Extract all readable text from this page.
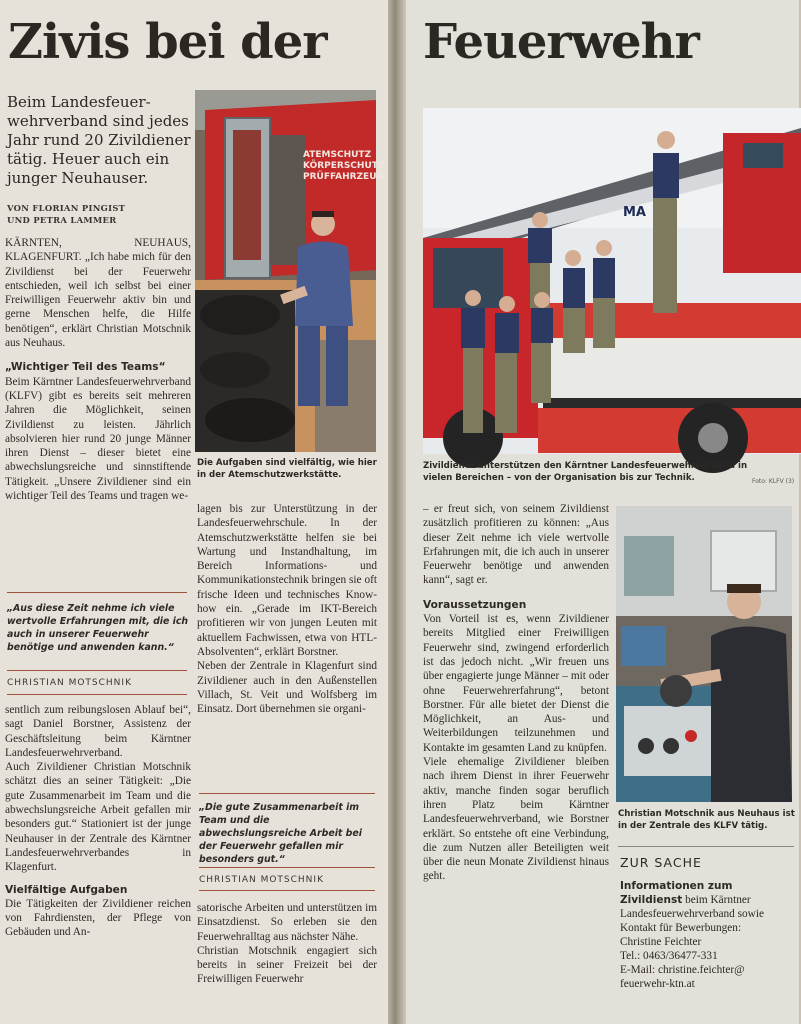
Zivis bei der
Beim Landesfeuerwehrverband sind jedes Jahr rund 20 Zivildiener tätig. Heuer auch ein junger Neuhauser.
VON FLORIAN PINGIST
UND PETRA LAMMER

KÄRNTEN, NEUHAUS, KLAGENFURT. „Ich habe mich für den Zivildienst bei der Feuerwehr entschieden, weil ich selbst bei einer Freiwilligen Feuerwehr aktiv bin und gerne Menschen helfe, die Hilfe benötigen“, erklärt Christian Motschnik aus Neuhaus.

„Wichtiger Teil des Teams“

Beim Kärntner Landesfeuerwehrverband (KLFV) gibt es bereits seit mehreren Jahren die Möglichkeit, seinen Zivildienst zu leisten. Jährlich absolvieren hier rund 20 junge Männer ihren Dienst – dieser bietet eine abwechslungsreiche und sinnstiftende Tätigkeit. „Unsere Zivildiener sind ein wichtiger Teil des Teams und tragen we-

„Aus diese Zeit nehme ich viele wertvolle Erfahrungen mit, die ich auch in unserer Feuerwehr benötige und anwenden kann.“
CHRISTIAN MOTSCHNIK

sentlich zum reibungslosen Ablauf bei“, sagt Daniel Borstner, Assistenz der Geschäftsleitung beim Kärntner Landesfeuerwehrverband.

Auch Zivildiener Christian Motschnik schätzt dies an seiner Tätigkeit: „Die gute Zusammenarbeit im Team und die abwechslungsreiche Arbeit gefallen mir besonders gut.“ Stationiert ist der junge Neuhauser in der Zentrale des Kärntner Landesfeuerwehrverbandes in Klagenfurt.

Vielfältige Aufgaben

Die Tätigkeiten der Zivildiener reichen von Fahrdiensten, der Pflege von Gebäuden und An-

ATEMSCHUTZ
KÖRPERSCHUTZ
PRÜFFAHRZEUG
Die Aufgaben sind vielfältig, wie hier in der Atemschutzwerkstätte.

lagen bis zur Unterstützung in der Landesfeuerwehrschule. In der Atemschutzwerkstätte helfen sie bei Wartung und Instandhaltung, im Bereich Informations- und Kommunikationstechnik bringen sie oft frische Ideen und technisches Know-how ein. „Gerade im IKT-Bereich profitieren wir von jungen Leuten mit aktuellem Fachwissen, etwa von HTL-Absolventen“, erklärt Borstner.

Neben der Zentrale in Klagenfurt sind Zivildiener auch in den Außenstellen Villach, St. Veit und Wolfsberg im Einsatz. Dort übernehmen sie organi-

„Die gute Zusammenarbeit im Team und die abwechslungsreiche Arbeit bei der Feuerwehr gefallen mir besonders gut.“
CHRISTIAN MOTSCHNIK

satorische Arbeiten und unterstützen im Einsatzdienst. So erleben sie den Feuerwehralltag aus nächster Nähe.

Christian Motschnik engagiert sich bereits in seiner Freizeit bei der Freiwilligen Feuerwehr

Feuerwehr
MA
Zivildiener unterstützen den Kärntner Landesfeuerwehrverband in vielen Bereichen – von der Organisation bis zur Technik.	Foto: KLFV (3)

– er freut sich, von seinem Zivildienst zusätzlich profitieren zu können: „Aus dieser Zeit nehme ich viele wertvolle Erfahrungen mit, die ich auch in unserer Feuerwehr benötige und anwenden kann“, sagt er.

Voraussetzungen

Von Vorteil ist es, wenn Zivildiener bereits Mitglied einer Freiwilligen Feuerwehr sind, zwingend erforderlich ist das jedoch nicht. „Wir freuen uns über engagierte junge Männer – mit oder ohne Feuerwehrerfahrung“, betont Borstner. Für alle bietet der Dienst die Möglichkeit, an Aus- und Weiterbildungen teilzunehmen und Kontakte im gesamten Land zu knüpfen.

Viele ehemalige Zivildiener bleiben nach ihrem Dienst in ihrer Feuerwehr aktiv, manche finden sogar beruflich ihren Platz beim Kärntner Landesfeuerwehrverband, wie Borstner erklärt. So entstehe oft eine Verbindung, die zum Nutzen aller Beteiligten weit über die neun Monate Zivildienst hinaus geht.

Christian Motschnik aus Neuhaus ist in der Zentrale des KLFV tätig.
ZUR SACHE
Informationen zum Zivildienst beim Kärntner Landesfeuerwehrverband sowie Kontakt für Bewerbungen:
Christine Feichter
Tel.: 0463/36477-331
E-Mail: christine.feichter@ feuerwehr-ktn.at
